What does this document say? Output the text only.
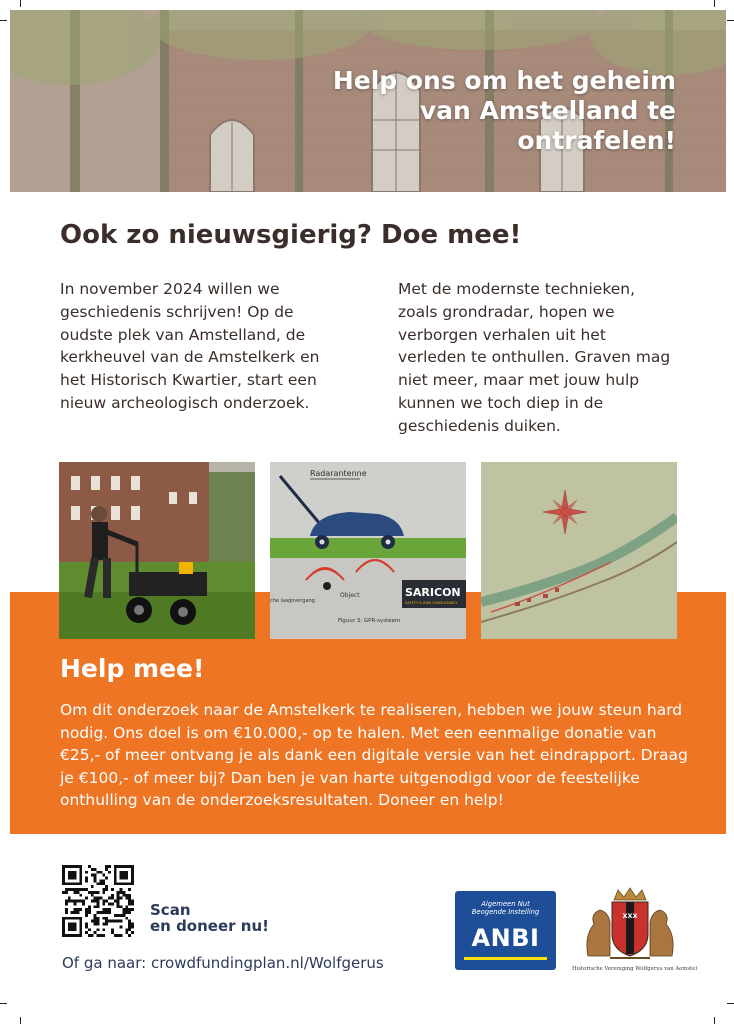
Help ons om het geheim
van Amstelland te
ontrafelen!
Ook zo nieuwsgierig? Doe mee!
In november 2024 willen we geschiedenis schrijven! Op de oudste plek van Amstelland, de kerkheuvel van de Amstelkerk en het Historisch Kwartier, start een nieuw archeologisch onderzoek.
Met de modernste technieken, zoals grondradar, hopen we verborgen verhalen uit het verleden te onthullen. Graven mag niet meer, maar met jouw hulp kunnen we toch diep in de geschiedenis duiken.
Radarantenne
Object
che laagovergang
SARICON
SAFETY & RISK CONSULTANCY
Figuur 3: GPR-systeem
Help mee!
Om dit onderzoek naar de Amstelkerk te realiseren, hebben we jouw steun hard nodig. Ons doel is om €10.000,- op te halen. Met een eenmalige donatie van €25,- of meer ontvang je als dank een digitale versie van het eindrapport. Draag je €100,- of meer bij? Dan ben je van harte uitgenodigd voor de feestelijke onthulling van de onderzoeksresultaten. Doneer en help!
Scan
en doneer nu!
Of ga naar: crowdfundingplan.nl/Wolfgerus
Algemeen Nut
Beogende Instelling
ANBI
XXX
Historische Vereniging Wolfgerus van Aemstel
